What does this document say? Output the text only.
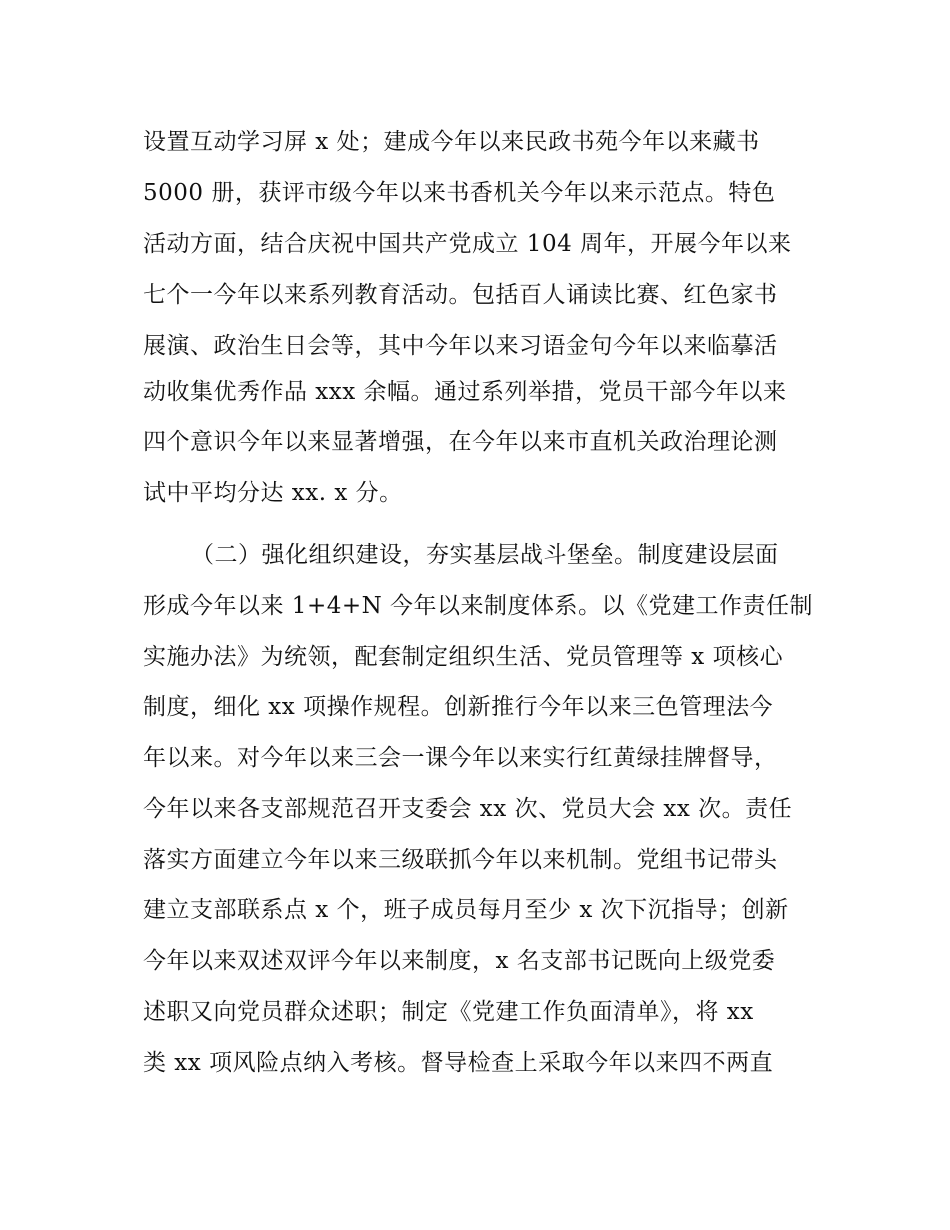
设置互动学习屏 x 处；建成今年以来民政书苑今年以来藏书
5000 册，获评市级今年以来书香机关今年以来示范点。特色
活动方面，结合庆祝中国共产党成立 104 周年，开展今年以来
七个一今年以来系列教育活动。包括百人诵读比赛、红色家书
展演、政治生日会等，其中今年以来习语金句今年以来临摹活
动收集优秀作品 xxx 余幅。通过系列举措，党员干部今年以来
四个意识今年以来显著增强，在今年以来市直机关政治理论测
试中平均分达 xx. x 分。
（二）强化组织建设，夯实基层战斗堡垒。制度建设层面
形成今年以来 1+4+N 今年以来制度体系。以《党建工作责任制
实施办法》为统领，配套制定组织生活、党员管理等 x 项核心
制度，细化 xx 项操作规程。创新推行今年以来三色管理法今
年以来。对今年以来三会一课今年以来实行红黄绿挂牌督导，
今年以来各支部规范召开支委会 xx 次、党员大会 xx 次。责任
落实方面建立今年以来三级联抓今年以来机制。党组书记带头
建立支部联系点 x 个，班子成员每月至少 x 次下沉指导；创新
今年以来双述双评今年以来制度，x 名支部书记既向上级党委
述职又向党员群众述职；制定《党建工作负面清单》，将 xx
类 xx 项风险点纳入考核。督导检查上采取今年以来四不两直
